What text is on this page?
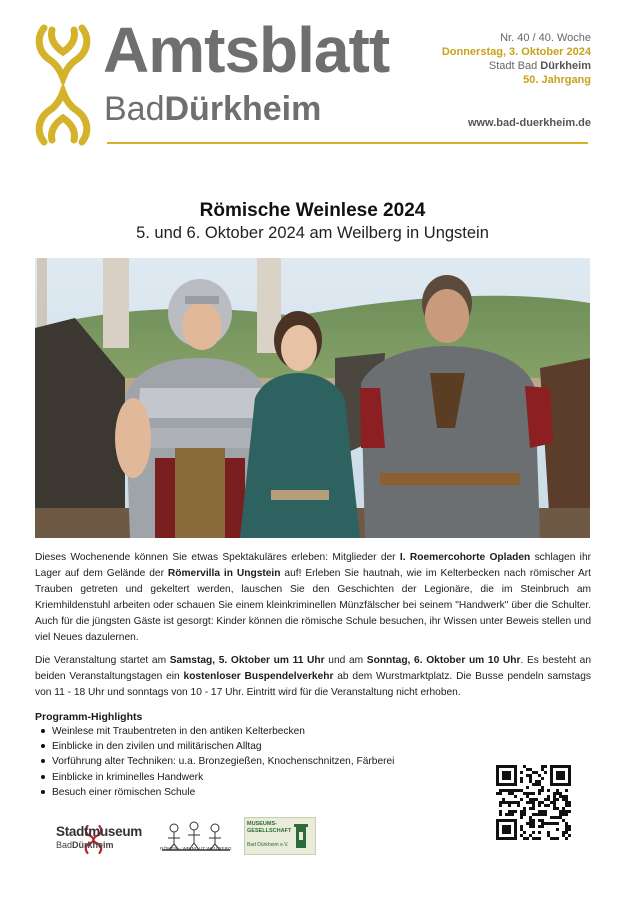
Amtsblatt
BadDürkheim
Nr. 40 / 40. Woche
Donnerstag, 3. Oktober 2024
Stadt Bad Dürkheim
50. Jahrgang
www.bad-duerkheim.de
Römische Weinlese 2024
5. und 6. Oktober 2024 am Weilberg in Ungstein
Dieses Wochenende können Sie etwas Spektakuläres erleben: Mitglieder der I. Roemercohorte Opladen schlagen ihr Lager auf dem Gelände der Römervilla in Ungstein auf! Erleben Sie hautnah, wie im Kelterbecken nach römischer Art Trauben getreten und gekeltert werden, lauschen Sie den Geschichten der Legionäre, die im Steinbruch am Kriemhildenstuhl arbeiten oder schauen Sie einem kleinkriminellen Münzfälscher bei seinem "Handwerk" über die Schulter. Auch für die jüngsten Gäste ist gesorgt: Kinder können die römische Schule besuchen, ihr Wissen unter Beweis stellen und viel Neues dazulernen.
Die Veranstaltung startet am Samstag, 5. Oktober um 11 Uhr und am Sonntag, 6. Oktober um 10 Uhr. Es besteht an beiden Veranstaltungstagen ein kostenloser Buspendelverkehr ab dem Wurstmarktplatz. Die Busse pendeln samstags von 11 - 18 Uhr und sonntags von 10 - 17 Uhr. Eintritt wird für die Veranstaltung nicht erhoben.
Programm-Highlights
Weinlese mit Traubentreten in den antiken Kelterbecken
Einblicke in den zivilen und militärischen Alltag
Vorführung alter Techniken: u.a. Bronzegießen, Knochenschnitzen, Färberei
Einblicke in kriminelles Handwerk
Besuch einer römischen Schule
Stadtmuseum
BadDürkheim	RÖMER - WEINGUT WEILBERG
MUSEUMS-
GESELLSCHAFT
Bad Dürkheim e.V.
